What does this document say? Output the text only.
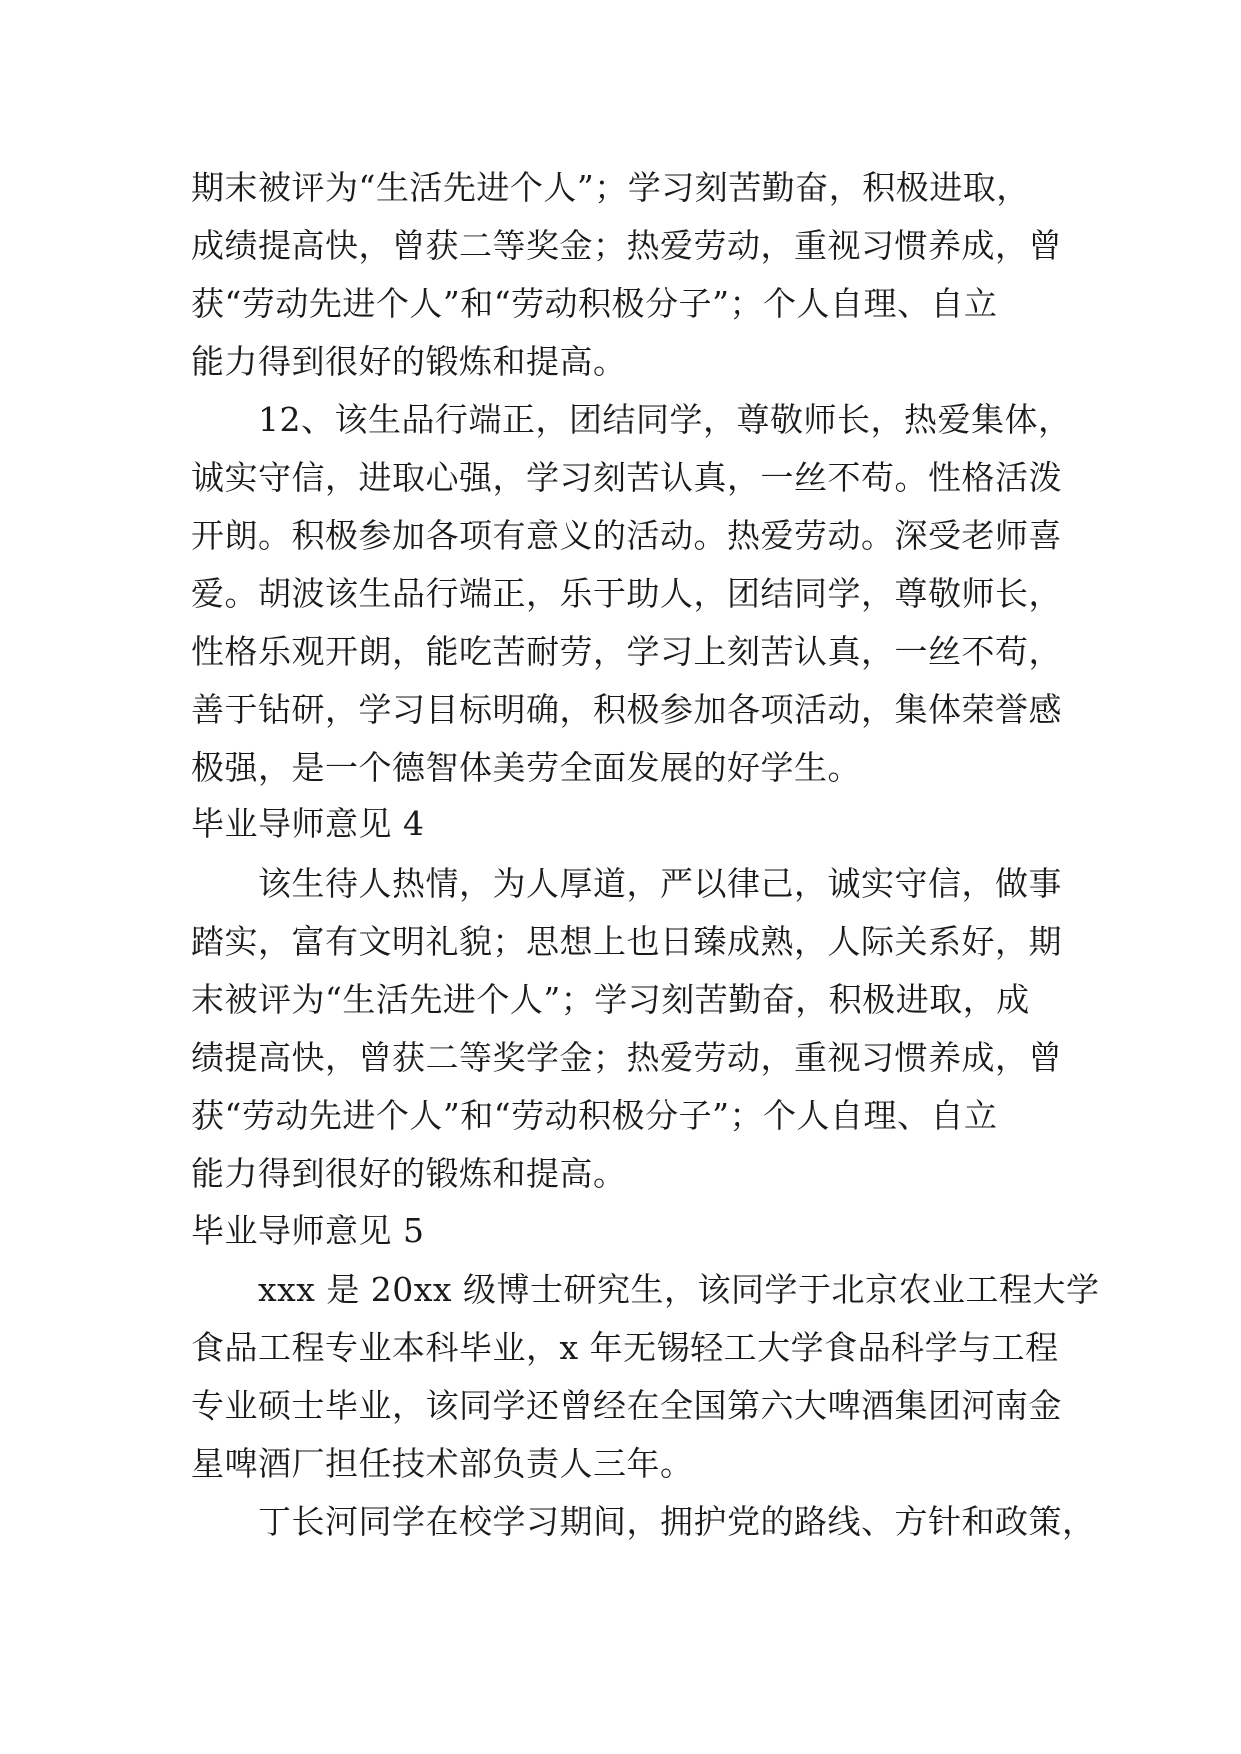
期末被评为“生活先进个人”；学习刻苦勤奋，积极进取，
成绩提高快，曾获二等奖金；热爱劳动，重视习惯养成，曾
获“劳动先进个人”和“劳动积极分子”；个人自理、自立
能力得到很好的锻炼和提高。
12、该生品行端正，团结同学，尊敬师长，热爱集体，
诚实守信，进取心强，学习刻苦认真，一丝不苟。性格活泼
开朗。积极参加各项有意义的活动。热爱劳动。深受老师喜
爱。胡波该生品行端正，乐于助人，团结同学，尊敬师长，
性格乐观开朗，能吃苦耐劳，学习上刻苦认真，一丝不苟，
善于钻研，学习目标明确，积极参加各项活动，集体荣誉感
极强，是一个德智体美劳全面发展的好学生。
毕业导师意见 4
该生待人热情，为人厚道，严以律己，诚实守信，做事
踏实，富有文明礼貌；思想上也日臻成熟，人际关系好，期
末被评为“生活先进个人”；学习刻苦勤奋，积极进取，成
绩提高快，曾获二等奖学金；热爱劳动，重视习惯养成，曾
获“劳动先进个人”和“劳动积极分子”；个人自理、自立
能力得到很好的锻炼和提高。
毕业导师意见 5
xxx 是 20xx 级博士研究生，该同学于北京农业工程大学
食品工程专业本科毕业，x 年无锡轻工大学食品科学与工程
专业硕士毕业，该同学还曾经在全国第六大啤酒集团河南金
星啤酒厂担任技术部负责人三年。
丁长河同学在校学习期间，拥护党的路线、方针和政策，
